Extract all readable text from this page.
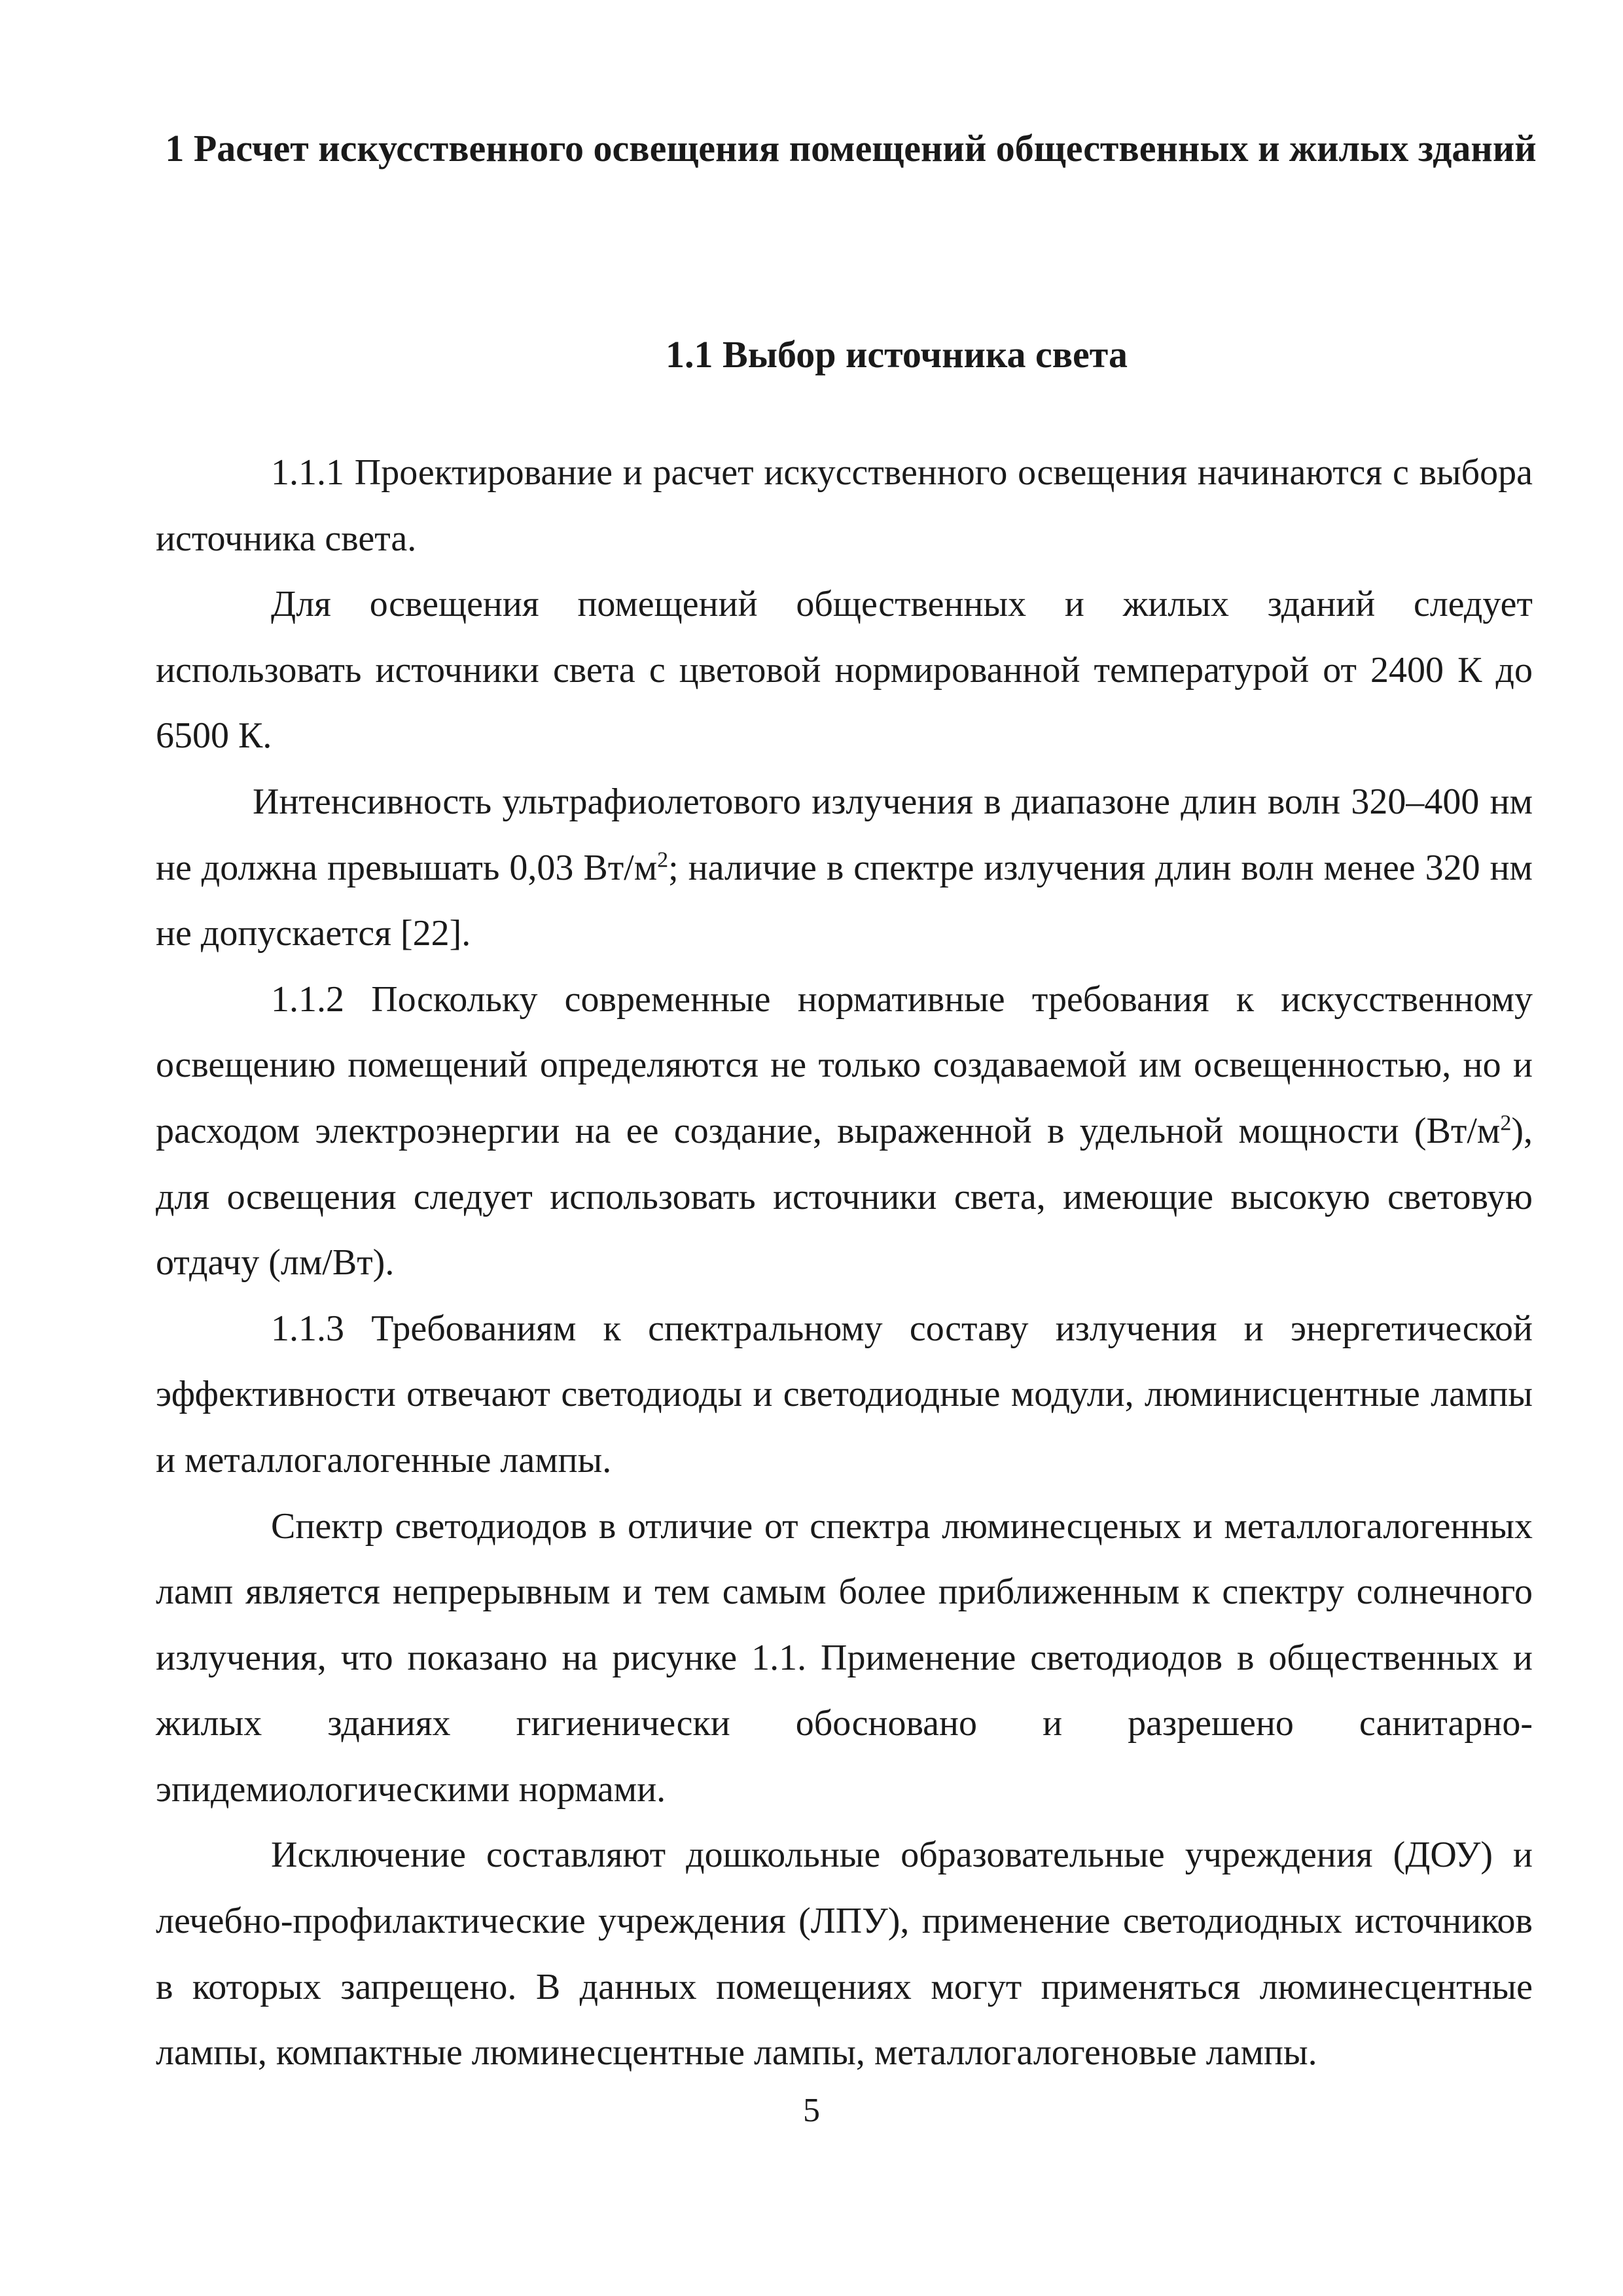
1 Расчет искусственного освещения помещений общественных и жилых зданий
1.1 Выбор источника света

1.1.1 Проектирование и расчет искусственного освещения начинаются с выбора источника света.

Для освещения помещений общественных и жилых зданий следует использовать источники света с цветовой нормированной температурой от 2400 К до 6500 К.

Интенсивность ультрафиолетового излучения в диапазоне длин волн 320–400 нм не должна превышать 0,03 $Вт/м^2$; наличие в спектре излучения длин волн менее 320 нм не допускается [22].

1.1.2 Поскольку современные нормативные требования к искусственному освещению помещений определяются не только создаваемой им освещенностью, но и расходом электроэнергии на ее создание, выраженной в удельной мощности $(Вт/м^2)$, для освещения следует использовать источники света, имеющие высокую световую отдачу (лм/Вт).

1.1.3 Требованиям к спектральному составу излучения и энергетической эффективности отвечают светодиоды и светодиодные модули, люминисцентные лампы и металлогалогенные лампы.

Спектр светодиодов в отличие от спектра люминесценых и металлогалогенных ламп является непрерывным и тем самым более приближенным к спектру солнечного излучения, что показано на рисунке 1.1. Применение светодиодов в общественных и жилых зданиях гигиенически обосновано и разрешено санитарно-эпидемиологическими нормами.

Исключение составляют дошкольные образовательные учреждения (ДОУ) и лечебно-профилактические учреждения (ЛПУ), применение светодиодных источников в которых запрещено. В данных помещениях могут применяться люминесцентные лампы, компактные люминесцентные лампы, металлогалогеновые лампы.

5
